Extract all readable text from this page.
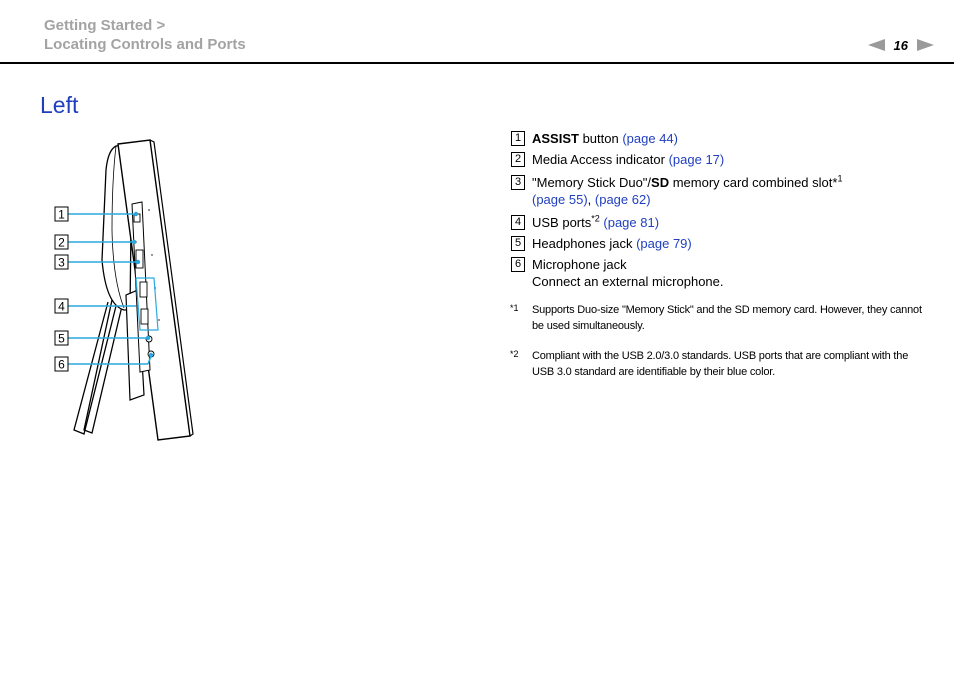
Getting Started >
Locating Controls and Ports	16
Left
1
2
3
4
5
6
1 ASSIST button (page 44)
2 Media Access indicator (page 17)
3 "Memory Stick Duo"/SD memory card combined slot*$^1$
(page 55), (page 62)
4 USB ports$^{*2}$ (page 81)
5 Headphones jack (page 79)
6 Microphone jack
Connect an external microphone.
*1 Supports Duo-size "Memory Stick" and the SD memory card. However, they cannot be used simultaneously.
*2 Compliant with the USB 2.0/3.0 standards. USB ports that are compliant with the USB 3.0 standard are identifiable by their blue color.
